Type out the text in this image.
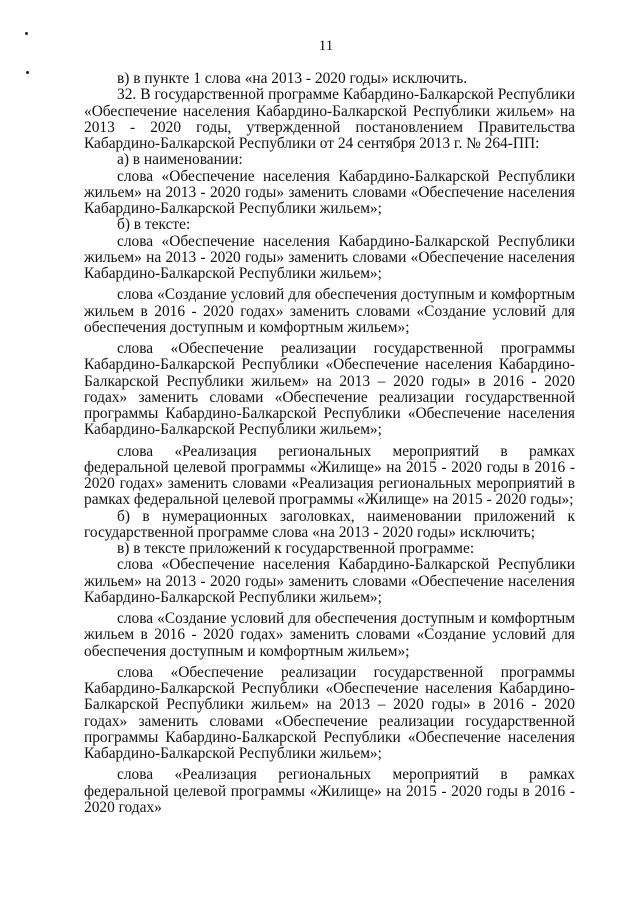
11

в) в пункте 1 слова «на 2013 - 2020 годы» исключить.

32. В государственной программе Кабардино-Балкарской Республики «Обеспечение населения Кабардино-Балкарской Республики жильем» на 2013 - 2020 годы, утвержденной постановлением Правительства Кабардино-Балкарской Республики от 24 сентября 2013 г. № 264-ПП:

а) в наименовании:

слова «Обеспечение населения Кабардино-Балкарской Республики жильем» на 2013 - 2020 годы» заменить словами «Обеспечение населения Кабардино-Балкарской Республики жильем»;

б) в тексте:

слова «Обеспечение населения Кабардино-Балкарской Республики жильем» на 2013 - 2020 годы» заменить словами «Обеспечение населения Кабардино-Балкарской Республики жильем»;

слова «Создание условий для обеспечения доступным и комфортным жильем в 2016 - 2020 годах» заменить словами «Создание условий для обеспечения доступным и комфортным жильем»;

слова «Обеспечение реализации государственной программы Кабардино-Балкарской Республики «Обеспечение населения Кабардино-Балкарской Республики жильем» на 2013 – 2020 годы» в 2016 - 2020 годах» заменить словами «Обеспечение реализации государственной программы Кабардино-Балкарской Республики «Обеспечение населения Кабардино-Балкарской Республики жильем»;

слова «Реализация региональных мероприятий в рамках федеральной целевой программы «Жилище» на 2015 - 2020 годы в 2016 - 2020 годах» заменить словами «Реализация региональных мероприятий в рамках федеральной целевой программы «Жилище» на 2015 - 2020 годы»;

б) в нумерационных заголовках, наименовании приложений к государственной программе слова «на 2013 - 2020 годы» исключить;

в) в тексте приложений к государственной программе:

слова «Обеспечение населения Кабардино-Балкарской Республики жильем» на 2013 - 2020 годы» заменить словами «Обеспечение населения Кабардино-Балкарской Республики жильем»;

слова «Создание условий для обеспечения доступным и комфортным жильем в 2016 - 2020 годах» заменить словами «Создание условий для обеспечения доступным и комфортным жильем»;

слова «Обеспечение реализации государственной программы Кабардино-Балкарской Республики «Обеспечение населения Кабардино-Балкарской Республики жильем» на 2013 – 2020 годы» в 2016 - 2020 годах» заменить словами «Обеспечение реализации государственной программы Кабардино-Балкарской Республики «Обеспечение населения Кабардино-Балкарской Республики жильем»;

слова «Реализация региональных мероприятий в рамках федеральной целевой программы «Жилище» на 2015 - 2020 годы в 2016 - 2020 годах»
